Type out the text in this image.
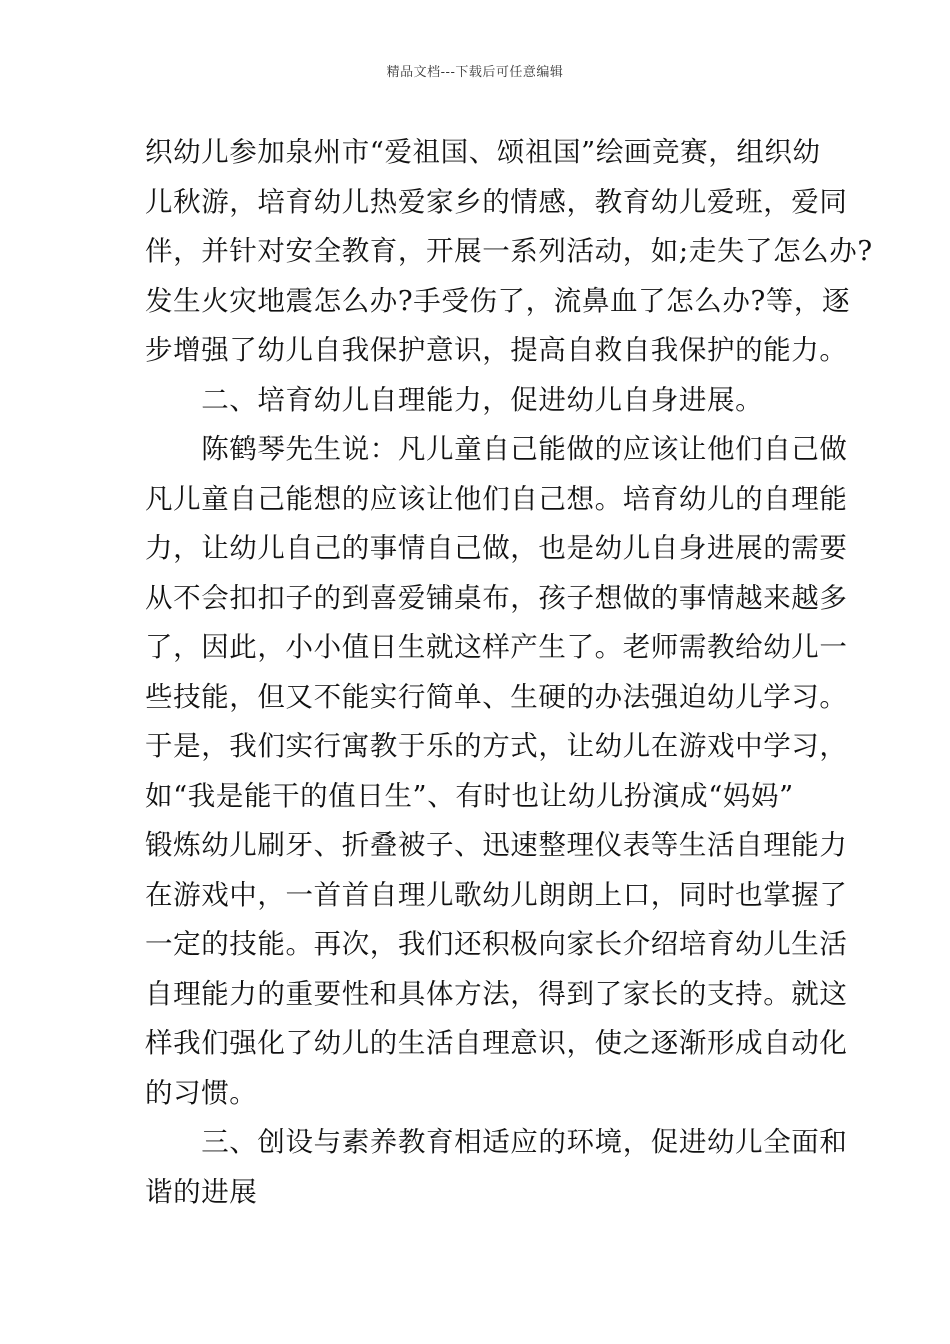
精品文档---下载后可任意编辑
织幼儿参加泉州市“爱祖国、颂祖国”绘画竞赛，组织幼
儿秋游，培育幼儿热爱家乡的情感，教育幼儿爱班，爱同
伴，并针对安全教育，开展一系列活动，如;走失了怎么办?
发生火灾地震怎么办?手受伤了，流鼻血了怎么办?等，逐
步增强了幼儿自我保护意识，提高自救自我保护的能力。
　　二、培育幼儿自理能力，促进幼儿自身进展。
　　陈鹤琴先生说：凡儿童自己能做的应该让他们自己做
凡儿童自己能想的应该让他们自己想。培育幼儿的自理能
力，让幼儿自己的事情自己做，也是幼儿自身进展的需要
从不会扣扣子的到喜爱铺桌布，孩子想做的事情越来越多
了，因此，小小值日生就这样产生了。老师需教给幼儿一
些技能，但又不能实行简单、生硬的办法强迫幼儿学习。
于是，我们实行寓教于乐的方式，让幼儿在游戏中学习，
如“我是能干的值日生”、有时也让幼儿扮演成“妈妈”
锻炼幼儿刷牙、折叠被子、迅速整理仪表等生活自理能力
在游戏中，一首首自理儿歌幼儿朗朗上口，同时也掌握了
一定的技能。再次，我们还积极向家长介绍培育幼儿生活
自理能力的重要性和具体方法，得到了家长的支持。就这
样我们强化了幼儿的生活自理意识，使之逐渐形成自动化
的习惯。
　　三、创设与素养教育相适应的环境，促进幼儿全面和
谐的进展
